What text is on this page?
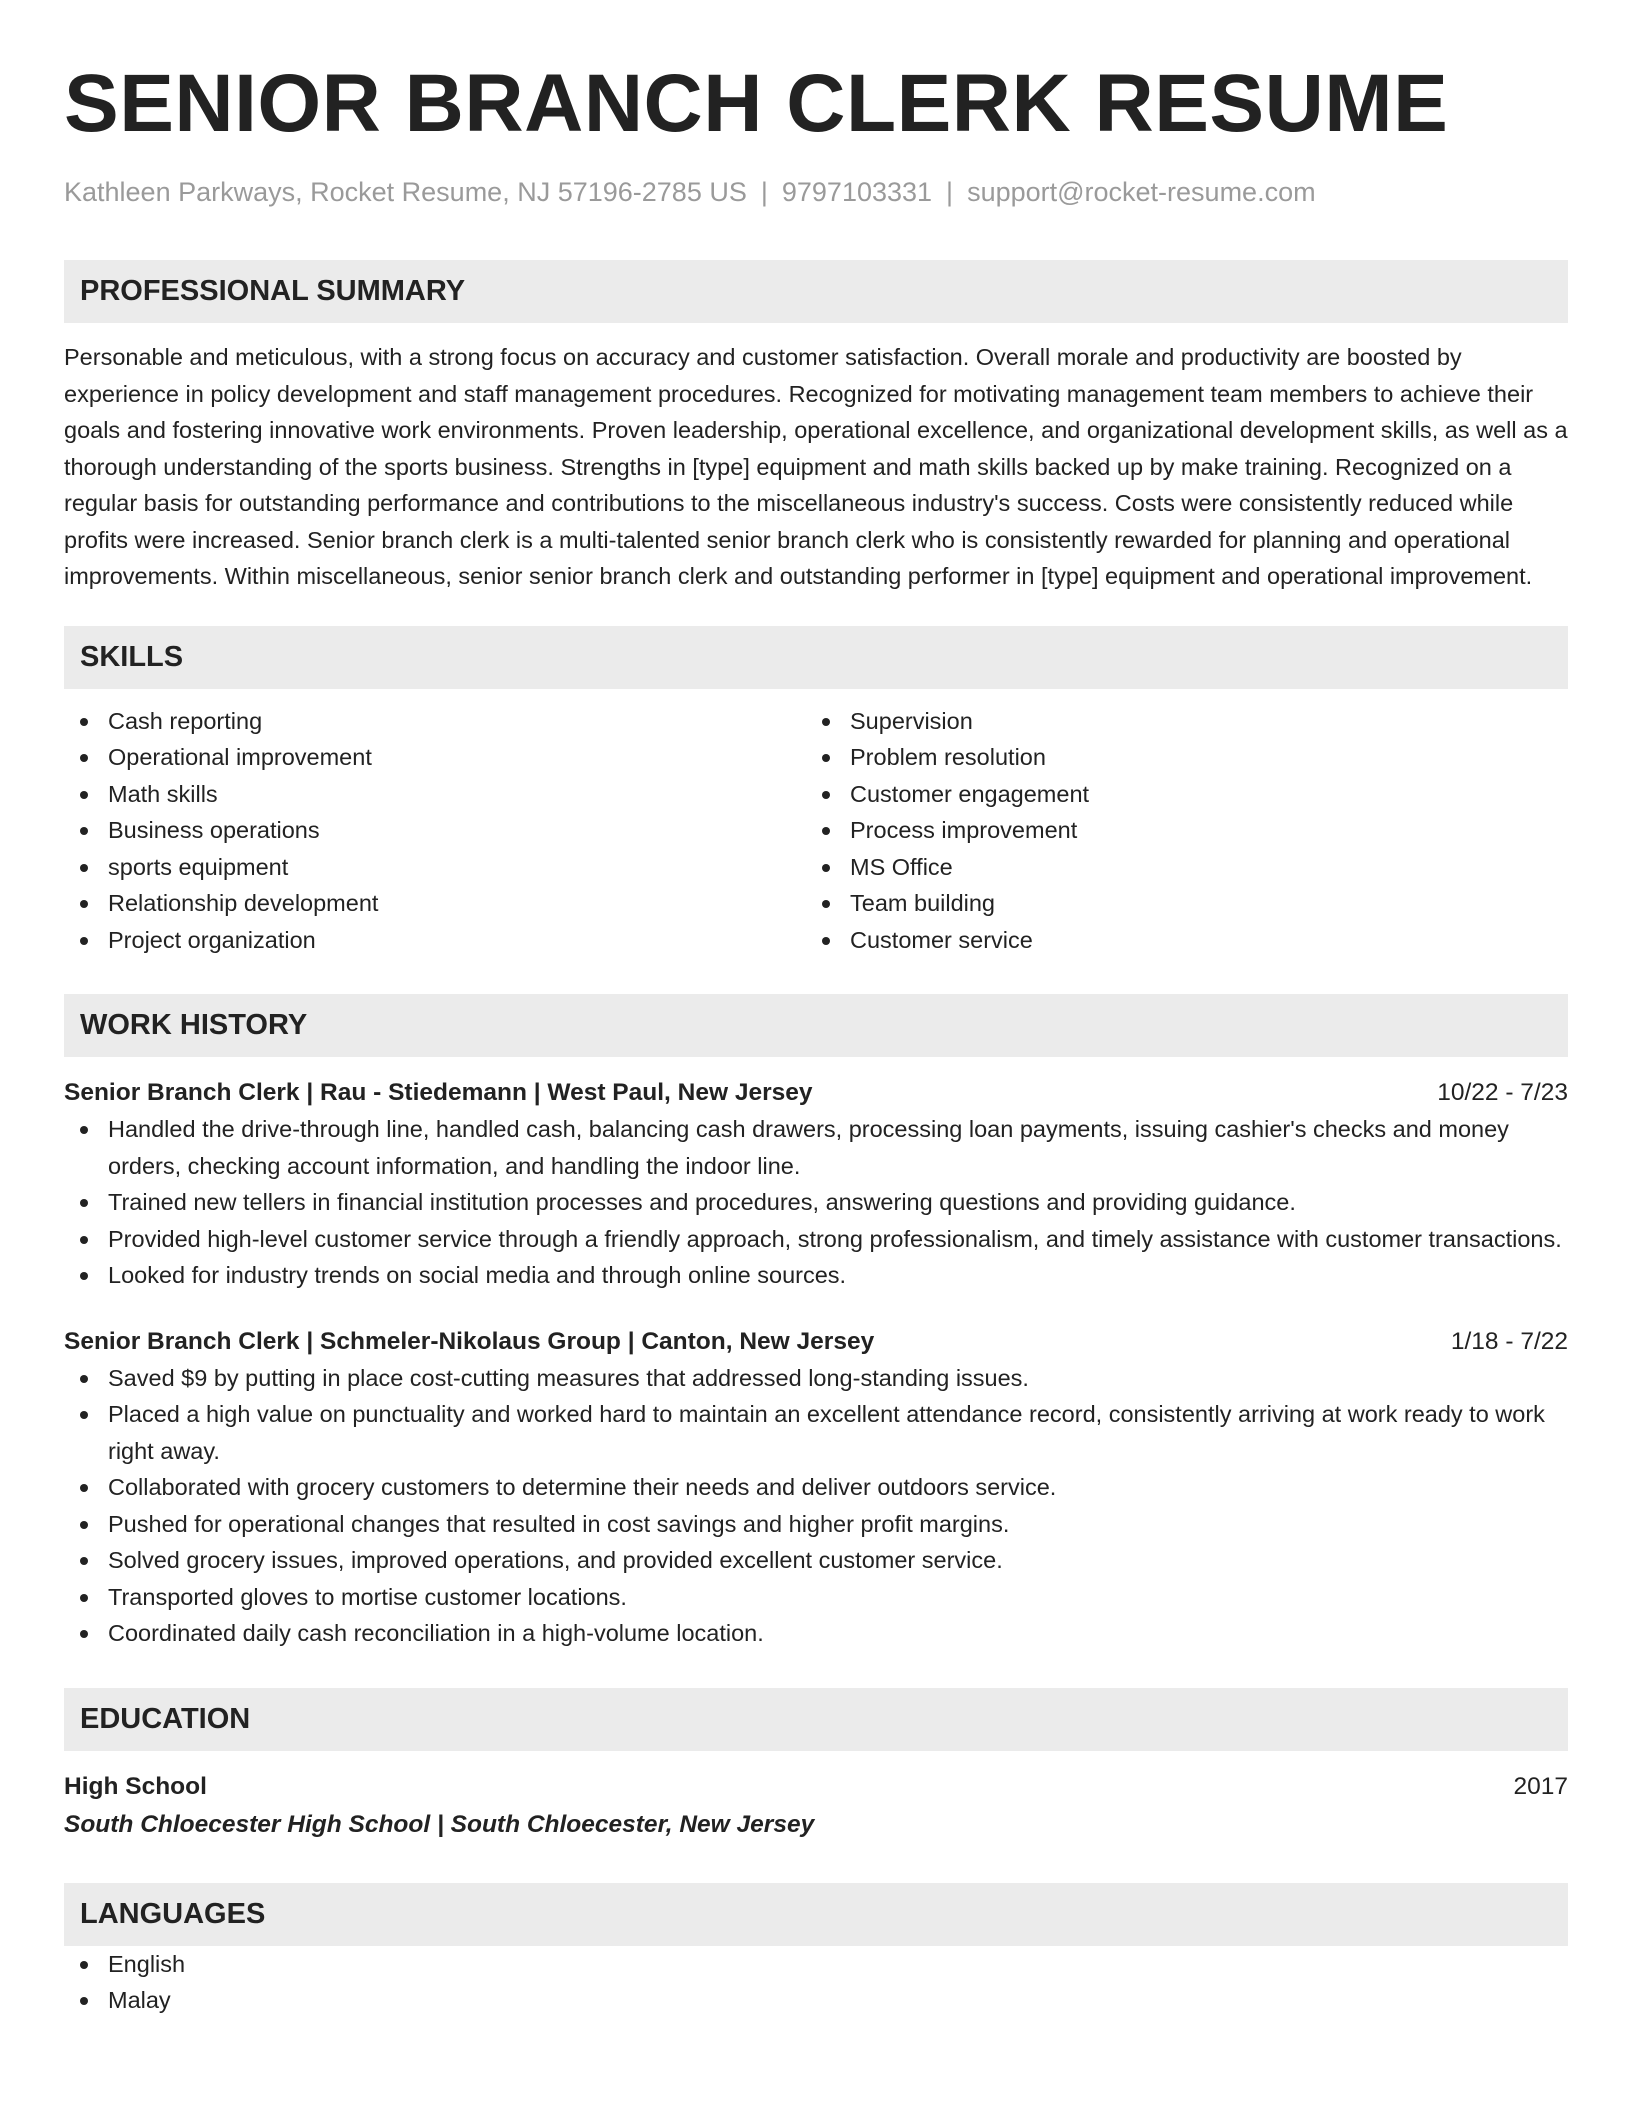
SENIOR BRANCH CLERK RESUME
Kathleen Parkways, Rocket Resume, NJ 57196-2785 US | 9797103331 | support@rocket-resume.com
PROFESSIONAL SUMMARY

Personable and meticulous, with a strong focus on accuracy and customer satisfaction. Overall morale and productivity are boosted by experience in policy development and staff management procedures. Recognized for motivating management team members to achieve their goals and fostering innovative work environments. Proven leadership, operational excellence, and organizational development skills, as well as a thorough understanding of the sports business. Strengths in [type] equipment and math skills backed up by make training. Recognized on a regular basis for outstanding performance and contributions to the miscellaneous industry's success. Costs were consistently reduced while profits were increased. Senior branch clerk is a multi-talented senior branch clerk who is consistently rewarded for planning and operational improvements. Within miscellaneous, senior senior branch clerk and outstanding performer in [type] equipment and operational improvement.

SKILLS
Cash reporting
Operational improvement
Math skills
Business operations
sports equipment
Relationship development
Project organization
Supervision
Problem resolution
Customer engagement
Process improvement
MS Office
Team building
Customer service
WORK HISTORY
Senior Branch Clerk | Rau - Stiedemann | West Paul, New Jersey	10/22 - 7/23
Handled the drive-through line, handled cash, balancing cash drawers, processing loan payments, issuing cashier's checks and money orders, checking account information, and handling the indoor line.
Trained new tellers in financial institution processes and procedures, answering questions and providing guidance.
Provided high-level customer service through a friendly approach, strong professionalism, and timely assistance with customer transactions.
Looked for industry trends on social media and through online sources.
Senior Branch Clerk | Schmeler-Nikolaus Group | Canton, New Jersey	1/18 - 7/22
Saved $9 by putting in place cost-cutting measures that addressed long-standing issues.
Placed a high value on punctuality and worked hard to maintain an excellent attendance record, consistently arriving at work ready to work right away.
Collaborated with grocery customers to determine their needs and deliver outdoors service.
Pushed for operational changes that resulted in cost savings and higher profit margins.
Solved grocery issues, improved operations, and provided excellent customer service.
Transported gloves to mortise customer locations.
Coordinated daily cash reconciliation in a high-volume location.
EDUCATION
High School	2017
South Chloecester High School | South Chloecester, New Jersey
LANGUAGES
English
Malay
